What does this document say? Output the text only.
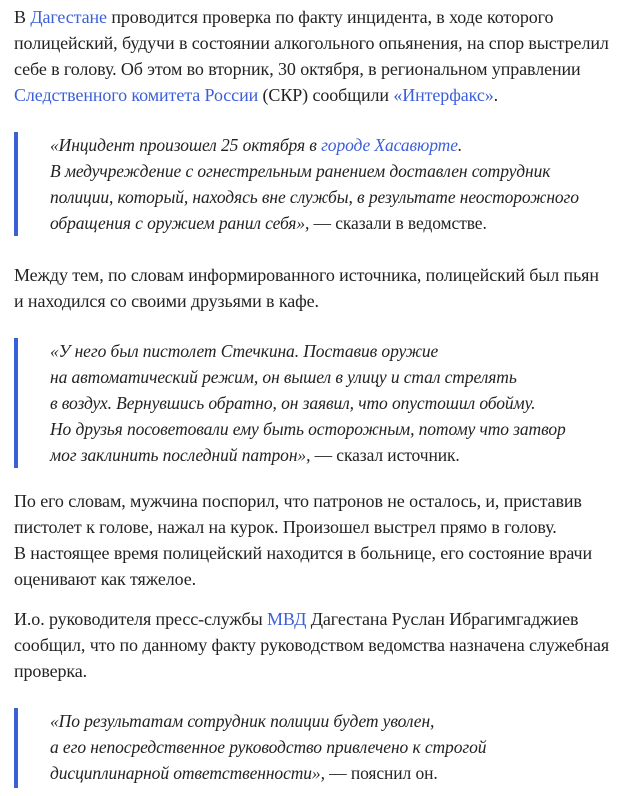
В Дагестане проводится проверка по факту инцидента, в ходе которого
полицейский, будучи в состоянии алкогольного опьянения, на спор выстрелил
себе в голову. Об этом во вторник, 30 октября, в региональном управлении
Следственного комитета России (СКР) сообщили «Интерфакс».

«Инцидент произошел 25 октября в городе Хасавюрте.
В медучреждение с огнестрельным ранением доставлен сотрудник
полиции, который, находясь вне службы, в результате неосторожного
обращения с оружием ранил себя», — сказали в ведомстве.

Между тем, по словам информированного источника, полицейский был пьян
и находился со своими друзьями в кафе.

«У него был пистолет Стечкина. Поставив оружие
на автоматический режим, он вышел в улицу и стал стрелять
в воздух. Вернувшись обратно, он заявил, что опустошил обойму.
Но друзья посоветовали ему быть осторожным, потому что затвор
мог заклинить последний патрон», — сказал источник.

По его словам, мужчина поспорил, что патронов не осталось, и, приставив
пистолет к голове, нажал на курок. Произошел выстрел прямо в голову.
В настоящее время полицейский находится в больнице, его состояние врачи
оценивают как тяжелое.

И.о. руководителя пресс-службы МВД Дагестана Руслан Ибрагимгаджиев
сообщил, что по данному факту руководством ведомства назначена служебная
проверка.

«По результатам сотрудник полиции будет уволен,
а его непосредственное руководство привлечено к строгой
дисциплинарной ответственности», — пояснил он.
